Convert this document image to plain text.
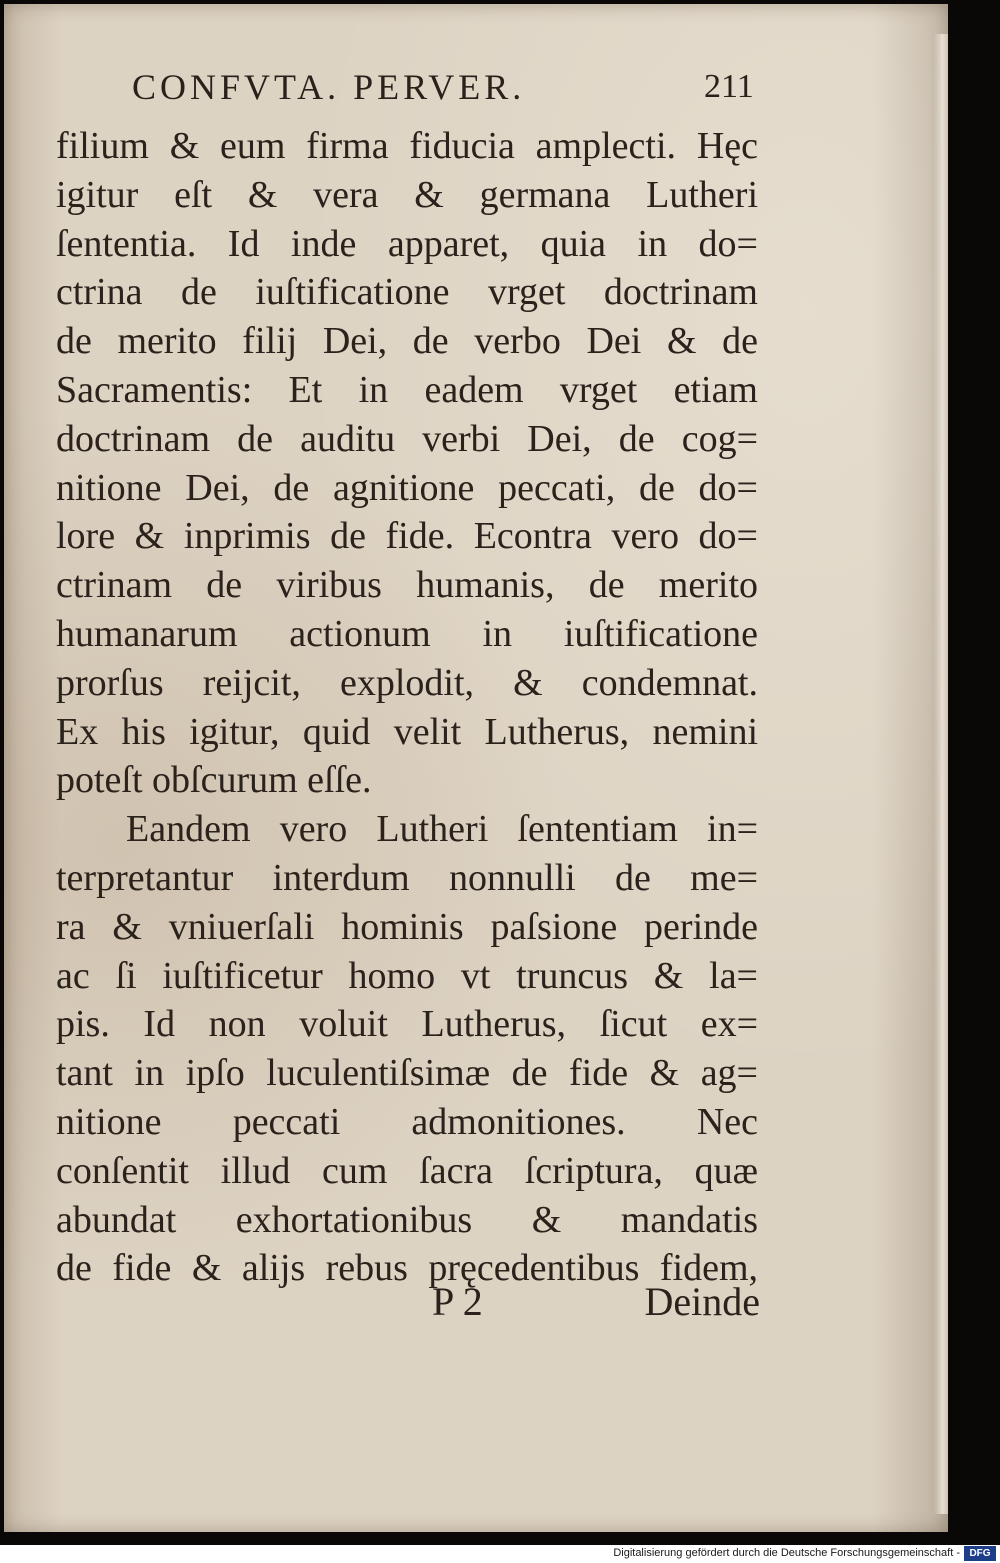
CONFVTA. PERVER.	211
filium & eum firma fiducia amplecti. Hęc
igitur eſt & vera & germana Lutheri
ſententia. Id inde apparet, quia in do=
ctrina de iuſtificatione vrget doctrinam
de merito filij Dei, de verbo Dei & de
Sacramentis: Et in eadem vrget etiam
doctrinam de auditu verbi Dei, de cog=
nitione Dei, de agnitione peccati, de do=
lore & inprimis de fide. Econtra vero do=
ctrinam de viribus humanis, de merito
humanarum actionum in iuſtificatione
prorſus reijcit, explodit, & condemnat.
Ex his igitur, quid velit Lutherus, nemini
poteſt obſcurum eſſe.
Eandem vero Lutheri ſententiam in=
terpretantur interdum nonnulli de me=
ra & vniuerſali hominis paſsione perinde
ac ſi iuſtificetur homo vt truncus & la=
pis. Id non voluit Lutherus, ſicut ex=
tant in ipſo luculentiſsimæ de fide & ag=
nitione peccati admonitiones. Nec
conſentit illud cum ſacra ſcriptura, quæ
abundat exhortationibus & mandatis
de fide & alijs rebus pręcedentibus fidem,
P 2	Deinde
Digitalisierung gefördert durch die Deutsche Forschungsgemeinschaft - DFG
